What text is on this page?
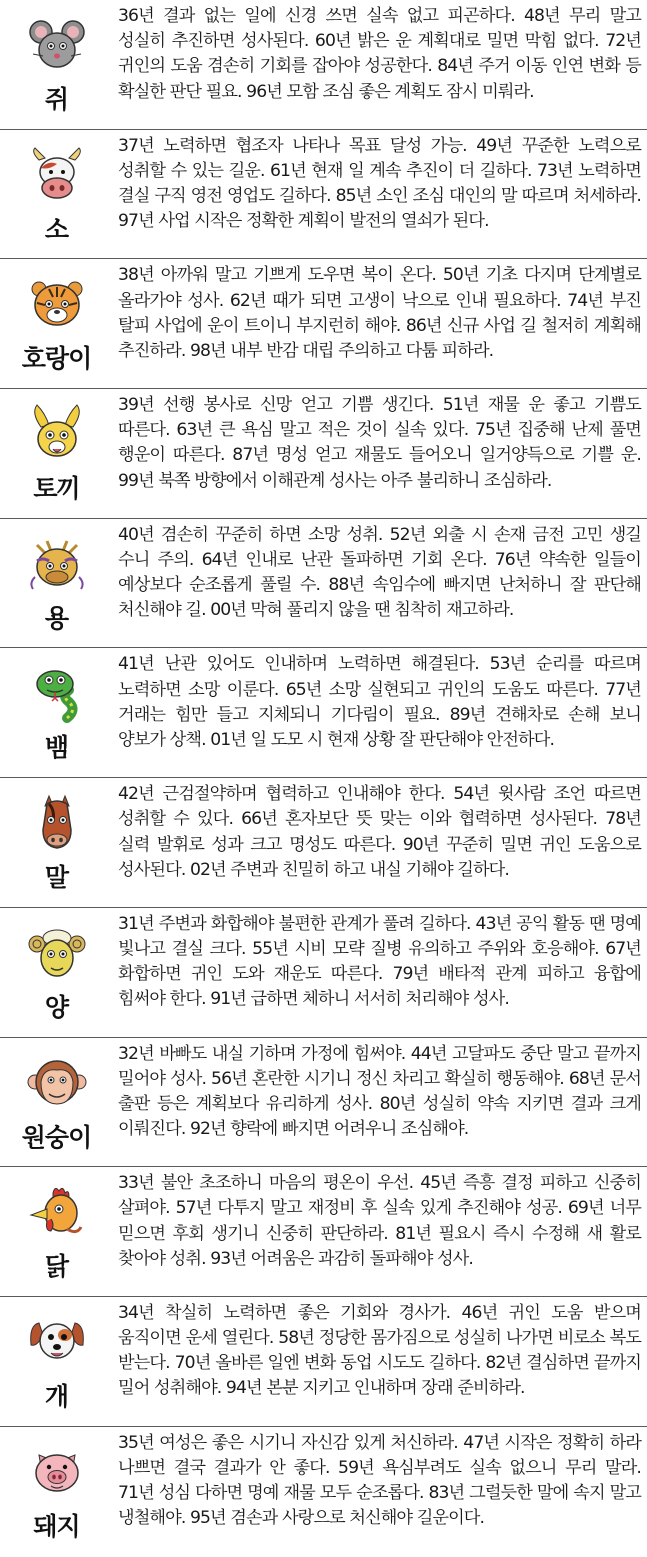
쥐
36년 결과 없는 일에 신경 쓰면 실속 없고 피곤하다. 48년 무리 말고 성실히 추진하면 성사된다. 60년 밝은 운 계획대로 밀면 막힘 없다. 72년 귀인의 도움 겸손히 기회를 잡아야 성공한다. 84년 주거 이동 인연 변화 등 확실한 판단 필요. 96년 모함 조심 좋은 계획도 잠시 미뤄라.
소
37년 노력하면 협조자 나타나 목표 달성 가능. 49년 꾸준한 노력으로 성취할 수 있는 길운. 61년 현재 일 계속 추진이 더 길하다. 73년 노력하면 결실 구직 영전 영업도 길하다. 85년 소인 조심 대인의 말 따르며 처세하라. 97년 사업 시작은 정확한 계획이 발전의 열쇠가 된다.
호랑이
38년 아까워 말고 기쁘게 도우면 복이 온다. 50년 기초 다지며 단계별로 올라가야 성사. 62년 때가 되면 고생이 낙으로 인내 필요하다. 74년 부진 탈피 사업에 운이 트이니 부지런히 해야. 86년 신규 사업 길 철저히 계획해 추진하라. 98년 내부 반감 대립 주의하고 다툼 피하라.
토끼
39년 선행 봉사로 신망 얻고 기쁨 생긴다. 51년 재물 운 좋고 기쁨도 따른다. 63년 큰 욕심 말고 적은 것이 실속 있다. 75년 집중해 난제 풀면 행운이 따른다. 87년 명성 얻고 재물도 들어오니 일거양득으로 기쁠 운. 99년 북쪽 방향에서 이해관계 성사는 아주 불리하니 조심하라.
용
40년 겸손히 꾸준히 하면 소망 성취. 52년 외출 시 손재 금전 고민 생길 수니 주의. 64년 인내로 난관 돌파하면 기회 온다. 76년 약속한 일들이 예상보다 순조롭게 풀릴 수. 88년 속임수에 빠지면 난처하니 잘 판단해 처신해야 길. 00년 막혀 풀리지 않을 땐 침착히 재고하라.
뱀
41년 난관 있어도 인내하며 노력하면 해결된다. 53년 순리를 따르며 노력하면 소망 이룬다. 65년 소망 실현되고 귀인의 도움도 따른다. 77년 거래는 힘만 들고 지체되니 기다림이 필요. 89년 견해차로 손해 보니 양보가 상책. 01년 일 도모 시 현재 상황 잘 판단해야 안전하다.
말
42년 근검절약하며 협력하고 인내해야 한다. 54년 윗사람 조언 따르면 성취할 수 있다. 66년 혼자보단 뜻 맞는 이와 협력하면 성사된다. 78년 실력 발휘로 성과 크고 명성도 따른다. 90년 꾸준히 밀면 귀인 도움으로 성사된다. 02년 주변과 친밀히 하고 내실 기해야 길하다.
양
31년 주변과 화합해야 불편한 관계가 풀려 길하다. 43년 공익 활동 땐 명예 빛나고 결실 크다. 55년 시비 모략 질병 유의하고 주위와 호응해야. 67년 화합하면 귀인 도와 재운도 따른다. 79년 배타적 관계 피하고 융합에 힘써야 한다. 91년 급하면 체하니 서서히 처리해야 성사.
원숭이
32년 바빠도 내실 기하며 가정에 힘써야. 44년 고달파도 중단 말고 끝까지 밀어야 성사. 56년 혼란한 시기니 정신 차리고 확실히 행동해야. 68년 문서 출판 등은 계획보다 유리하게 성사. 80년 성실히 약속 지키면 결과 크게 이뤄진다. 92년 향락에 빠지면 어려우니 조심해야.
닭
33년 불안 초조하니 마음의 평온이 우선. 45년 즉흥 결정 피하고 신중히 살펴야. 57년 다투지 말고 재정비 후 실속 있게 추진해야 성공. 69년 너무 믿으면 후회 생기니 신중히 판단하라. 81년 필요시 즉시 수정해 새 활로 찾아야 성취. 93년 어려움은 과감히 돌파해야 성사.
개
34년 착실히 노력하면 좋은 기회와 경사가. 46년 귀인 도움 받으며 움직이면 운세 열린다. 58년 정당한 몸가짐으로 성실히 나가면 비로소 복도 받는다. 70년 올바른 일엔 변화 동업 시도도 길하다. 82년 결심하면 끝까지 밀어 성취해야. 94년 본분 지키고 인내하며 장래 준비하라.
돼지
35년 여성은 좋은 시기니 자신감 있게 처신하라. 47년 시작은 정확히 하라 나쁘면 결국 결과가 안 좋다. 59년 욕심부려도 실속 없으니 무리 말라. 71년 성심 다하면 명예 재물 모두 순조롭다. 83년 그럴듯한 말에 속지 말고 냉철해야. 95년 겸손과 사랑으로 처신해야 길운이다.
